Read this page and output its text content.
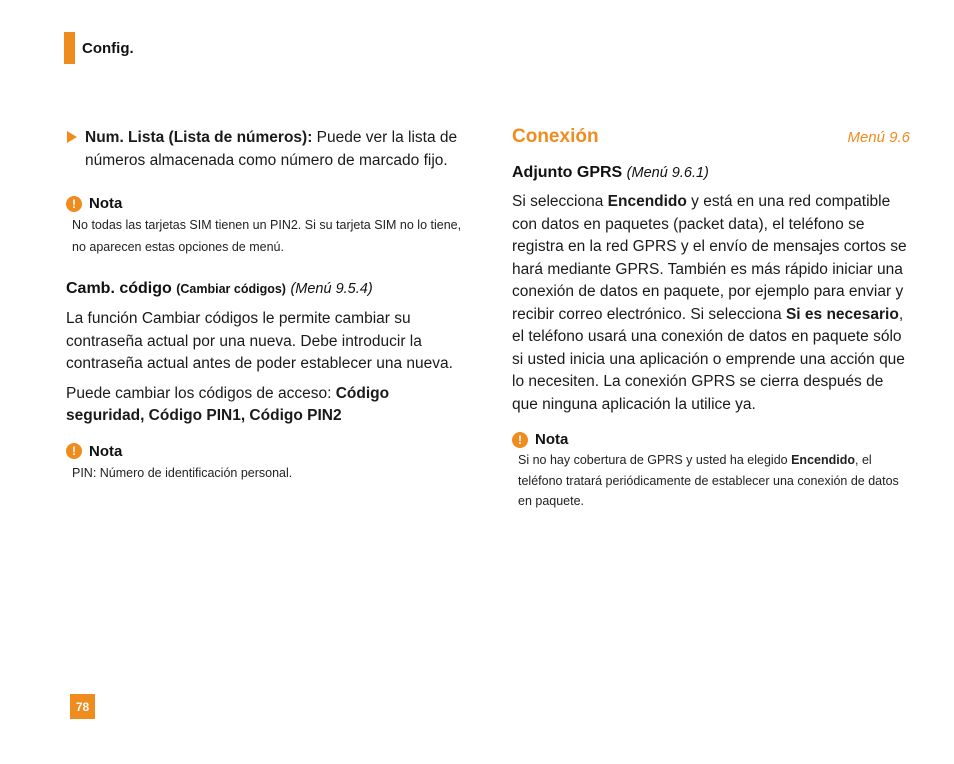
Config.
Num. Lista (Lista de números): Puede ver la lista de números almacenada como número de marcado fijo.
! Nota
No todas las tarjetas SIM tienen un PIN2. Si su tarjeta SIM no lo tiene, no aparecen estas opciones de menú.
Camb. código (Cambiar códigos) (Menú 9.5.4)

La función Cambiar códigos le permite cambiar su contraseña actual por una nueva. Debe introducir la contraseña actual antes de poder establecer una nueva.

Puede cambiar los códigos de acceso: Código seguridad, Código PIN1, Código PIN2

! Nota
PIN: Número de identificación personal.
Conexión	Menú 9.6
Adjunto GPRS (Menú 9.6.1)

Si selecciona Encendido y está en una red compatible con datos en paquetes (packet data), el teléfono se registra en la red GPRS y el envío de mensajes cortos se hará mediante GPRS. También es más rápido iniciar una conexión de datos en paquete, por ejemplo para enviar y recibir correo electrónico. Si selecciona Si es necesario, el teléfono usará una conexión de datos en paquete sólo si usted inicia una aplicación o emprende una acción que lo necesiten. La conexión GPRS se cierra después de que ninguna aplicación la utilice ya.

! Nota
Si no hay cobertura de GPRS y usted ha elegido Encendido, el teléfono tratará periódicamente de establecer una conexión de datos en paquete.
78
